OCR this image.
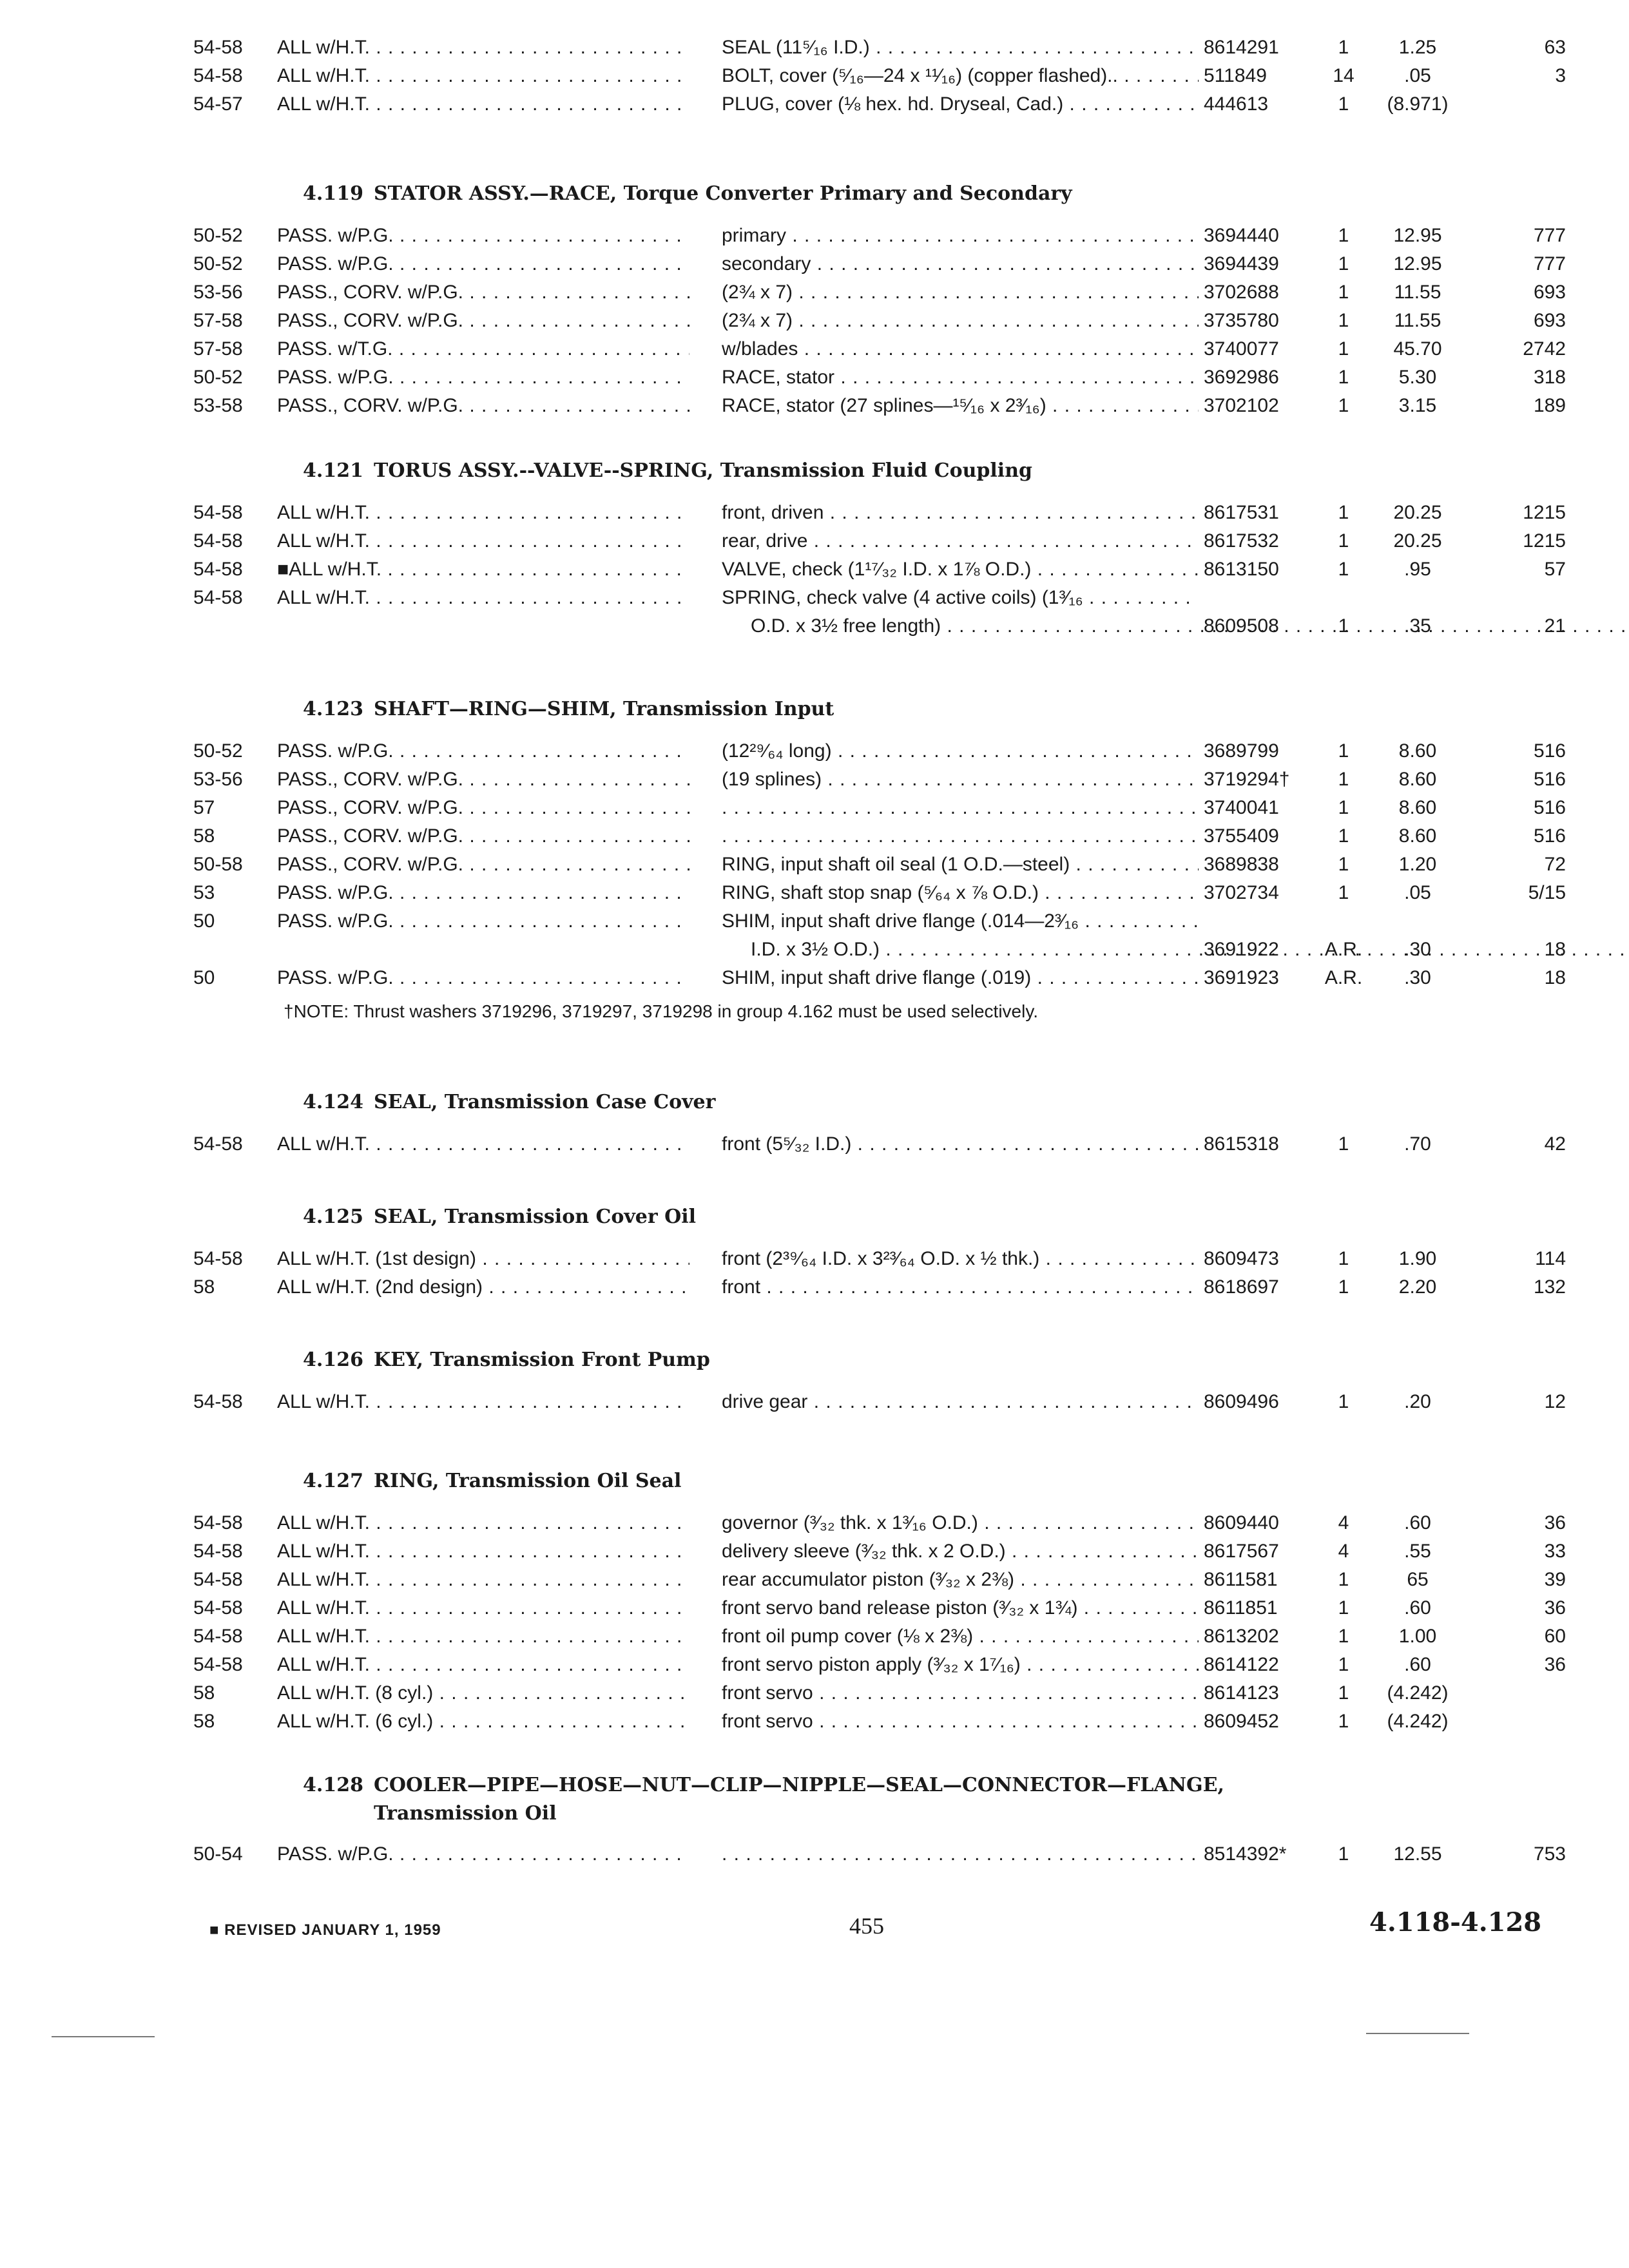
54-58	ALL w/H.T. . . .	SEAL (11⁵⁄₁₆ I.D.) . . .	8614291	1	1.25	63
54-58	ALL w/H.T. . . .	BOLT, cover (⁵⁄₁₆—24 x ¹¹⁄₁₆) (copper flashed).. . . .	511849	14	.05	3
54-57	ALL w/H.T. . . .	PLUG, cover (⅛ hex. hd. Dryseal, Cad.) . . .	444613	1	(8.971)
4.119 STATOR ASSY.—RACE, Torque Converter Primary and Secondary
50-52	PASS. w/P.G. . . .	primary . . .	3694440	1	12.95	777
50-52	PASS. w/P.G. . . .	secondary . . .	3694439	1	12.95	777
53-56	PASS., CORV. w/P.G. . . .	(2¾ x 7) . . .	3702688	1	11.55	693
57-58	PASS., CORV. w/P.G. . . .	(2¾ x 7) . . .	3735780	1	11.55	693
57-58	PASS. w/T.G. . . .	w/blades . . .	3740077	1	45.70	2742
50-52	PASS. w/P.G. . . .	RACE, stator . . .	3692986	1	5.30	318
53-58	PASS., CORV. w/P.G. . . .	RACE, stator (27 splines—¹⁵⁄₁₆ x 2³⁄₁₆) . . .	3702102	1	3.15	189
4.121 TORUS ASSY.--VALVE--SPRING, Transmission Fluid Coupling
54-58	ALL w/H.T. . . .	front, driven . . .	8617531	1	20.25	1215
54-58	ALL w/H.T. . . .	rear, drive . . .	8617532	1	20.25	1215
54-58	■ALL w/H.T. . . .	VALVE, check (1¹⁷⁄₃₂ I.D. x 1⅞ O.D.) . . .	8613150	1	.95	57
54-58	ALL w/H.T. . . .	SPRING, check valve (4 active coils) (1³⁄₁₆ . . .
O.D. x 3½ free length) . . .	8609508	1	.35	21
4.123 SHAFT—RING—SHIM, Transmission Input
50-52	PASS. w/P.G. . . .	(12²⁹⁄₆₄ long) . . .	3689799	1	8.60	516
53-56	PASS., CORV. w/P.G. . . .	(19 splines) . . .	3719294†	1	8.60	516
57	PASS., CORV. w/P.G. . . . . . .	3740041	1	8.60	516
58	PASS., CORV. w/P.G. . . . . . .	3755409	1	8.60	516
50-58	PASS., CORV. w/P.G. . . .	RING, input shaft oil seal (1 O.D.—steel) . . .	3689838	1	1.20	72
53	PASS. w/P.G. . . .	RING, shaft stop snap (⁵⁄₆₄ x ⅞ O.D.) . . .	3702734	1	.05	5/15
50	PASS. w/P.G. . . .	SHIM, input shaft drive flange (.014—2³⁄₁₆ . . .
I.D. x 3½ O.D.) . . .	3691922	A.R.	.30	18
50	PASS. w/P.G. . . .	SHIM, input shaft drive flange (.019) . . .	3691923	A.R.	.30	18
†NOTE: Thrust washers 3719296, 3719297, 3719298 in group 4.162 must be used selectively.
4.124 SEAL, Transmission Case Cover
54-58	ALL w/H.T. . . .	front (5⁵⁄₃₂ I.D.) . . .	8615318	1	.70	42
4.125 SEAL, Transmission Cover Oil
54-58	ALL w/H.T. (1st design) . . .	front (2³⁹⁄₆₄ I.D. x 3²³⁄₆₄ O.D. x ½ thk.) . . .	8609473	1	1.90	114
58	ALL w/H.T. (2nd design) . . .	front . . .	8618697	1	2.20	132
4.126 KEY, Transmission Front Pump
54-58	ALL w/H.T. . . .	drive gear . . .	8609496	1	.20	12
4.127 RING, Transmission Oil Seal
54-58	ALL w/H.T. . . .	governor (³⁄₃₂ thk. x 1³⁄₁₆ O.D.) . . .	8609440	4	.60	36
54-58	ALL w/H.T. . . .	delivery sleeve (³⁄₃₂ thk. x 2 O.D.) . . .	8617567	4	.55	33
54-58	ALL w/H.T. . . .	rear accumulator piston (³⁄₃₂ x 2⅜) . . .	8611581	1	65	39
54-58	ALL w/H.T. . . .	front servo band release piston (³⁄₃₂ x 1¾) . . .	8611851	1	.60	36
54-58	ALL w/H.T. . . .	front oil pump cover (⅛ x 2⅜) . . .	8613202	1	1.00	60
54-58	ALL w/H.T. . . .	front servo piston apply (³⁄₃₂ x 1⁷⁄₁₆) . . .	8614122	1	.60	36
58	ALL w/H.T. (8 cyl.) . . .	front servo . . .	8614123	1	(4.242)
58	ALL w/H.T. (6 cyl.) . . .	front servo . . .	8609452	1	(4.242)
4.128 COOLER—PIPE—HOSE—NUT—CLIP—NIPPLE—SEAL—CONNECTOR—FLANGE,
Transmission Oil
50-54	PASS. w/P.G. . . . . . .	8514392*	1	12.55	753
■ REVISED JANUARY 1, 1959	455	4.118-4.128
